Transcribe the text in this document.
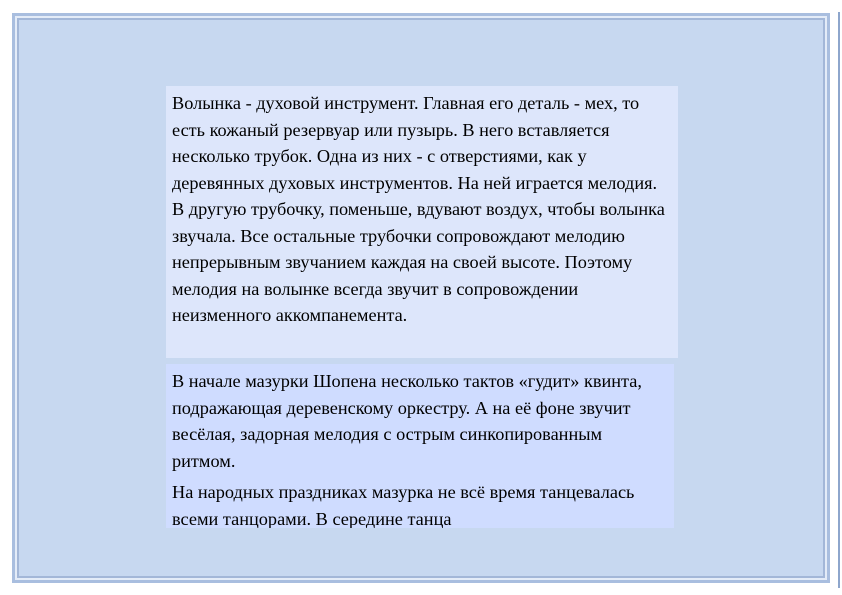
Волынка - духовой инструмент. Главная его деталь - мех, то есть кожаный резервуар или пузырь. В него вставляется несколько трубок. Одна из них - с отверстиями, как у деревянных духовых инструментов. На ней играется мелодия. В другую трубочку, поменьше, вдувают воздух, чтобы волынка звучала. Все остальные трубочки сопровождают мелодию непрерывным звучанием каждая на своей высоте. Поэтому мелодия на волынке всегда звучит в сопровождении неизменного аккомпанемента.

В начале мазурки Шопена несколько тактов «гудит» квинта, подражающая деревенскому оркестру. А на её фоне звучит весёлая, задорная мелодия с острым синкопированным ритмом.

На народных праздниках мазурка не всё время танцевалась всеми танцорами. В середине танца
